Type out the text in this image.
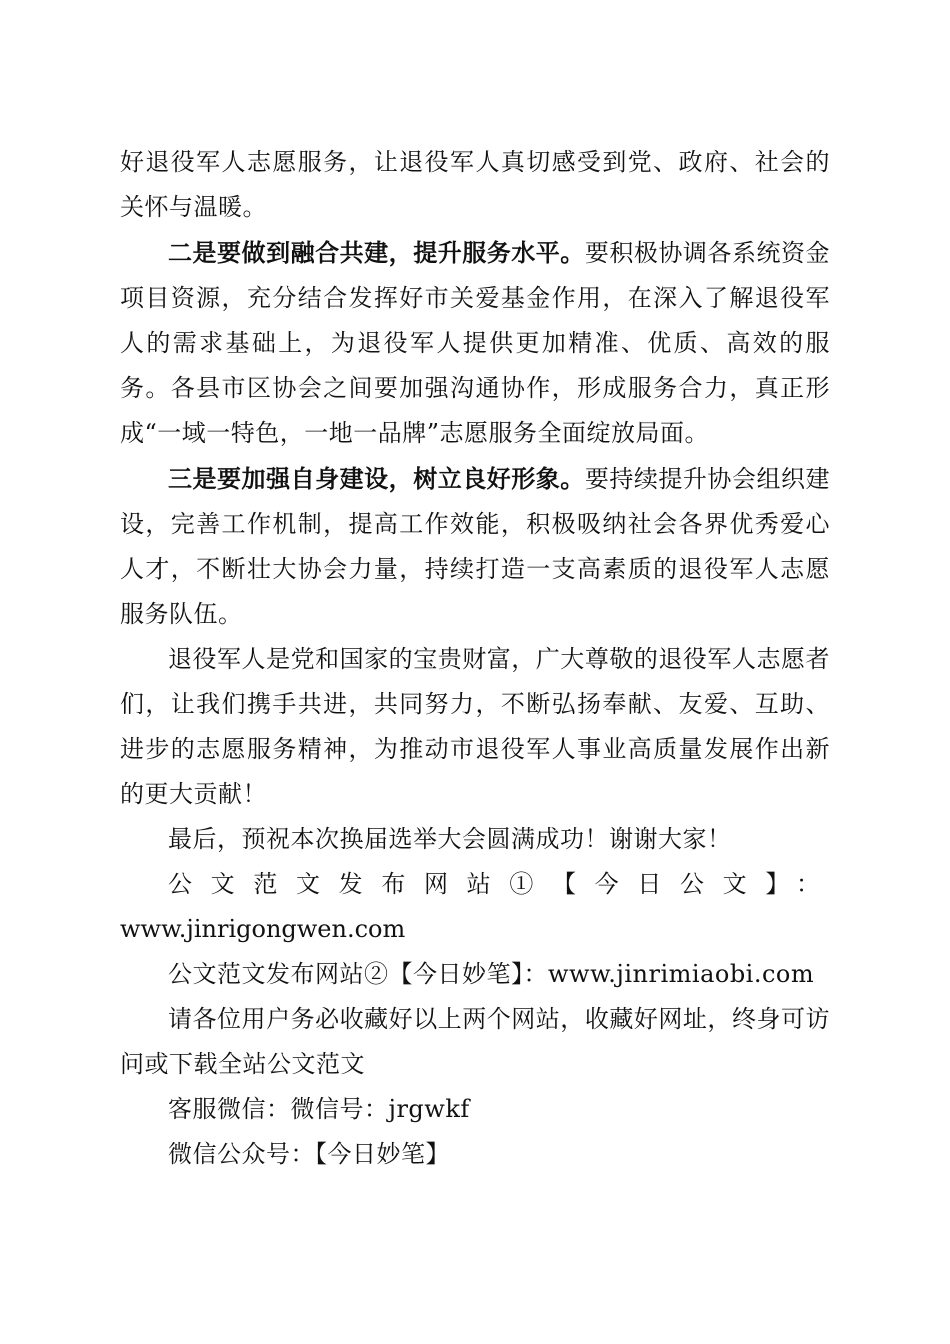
好退役军人志愿服务，让退役军人真切感受到党、政府、社会的关怀与温暖。

二是要做到融合共建，提升服务水平。要积极协调各系统资金项目资源，充分结合发挥好市关爱基金作用，在深入了解退役军人的需求基础上，为退役军人提供更加精准、优质、高效的服务。各县市区协会之间要加强沟通协作，形成服务合力，真正形成“一域一特色，一地一品牌”志愿服务全面绽放局面。

三是要加强自身建设，树立良好形象。要持续提升协会组织建设，完善工作机制，提高工作效能，积极吸纳社会各界优秀爱心人才，不断壮大协会力量，持续打造一支高素质的退役军人志愿服务队伍。

退役军人是党和国家的宝贵财富，广大尊敬的退役军人志愿者们，让我们携手共进，共同努力，不断弘扬奉献、友爱、互助、进步的志愿服务精神，为推动市退役军人事业高质量发展作出新的更大贡献！

最后，预祝本次换届选举大会圆满成功！谢谢大家！

公文范文发布网站①【今日公文】：

www.jinrigongwen.com

公文范文发布网站②【今日妙笔】：www.jinrimiaobi.com

请各位用户务必收藏好以上两个网站，收藏好网址，终身可访问或下载全站公文范文

客服微信：微信号：jrgwkf

微信公众号：【今日妙笔】
